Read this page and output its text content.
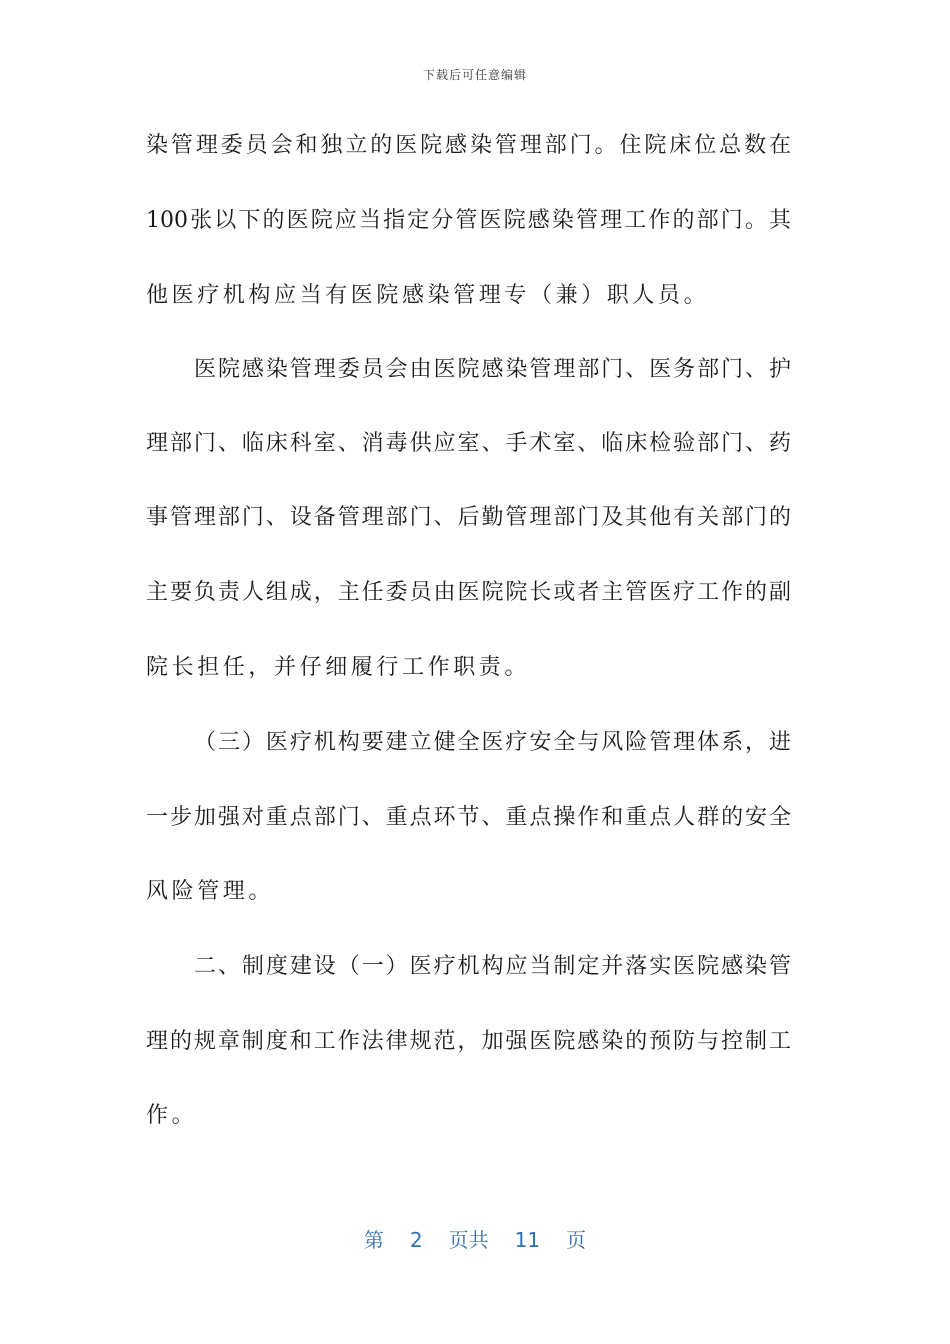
下载后可任意编辑
染管理委员会和独立的医院感染管理部门。住院床位总数在
100张以下的医院应当指定分管医院感染管理工作的部门。其
他医疗机构应当有医院感染管理专（兼）职人员。
医院感染管理委员会由医院感染管理部门、医务部门、护
理部门、临床科室、消毒供应室、手术室、临床检验部门、药
事管理部门、设备管理部门、后勤管理部门及其他有关部门的
主要负责人组成，主任委员由医院院长或者主管医疗工作的副
院长担任，并仔细履行工作职责。
（三）医疗机构要建立健全医疗安全与风险管理体系，进
一步加强对重点部门、重点环节、重点操作和重点人群的安全
风险管理。
二、制度建设（一）医疗机构应当制定并落实医院感染管
理的规章制度和工作法律规范，加强医院感染的预防与控制工
作。
第 2 页共 11 页
